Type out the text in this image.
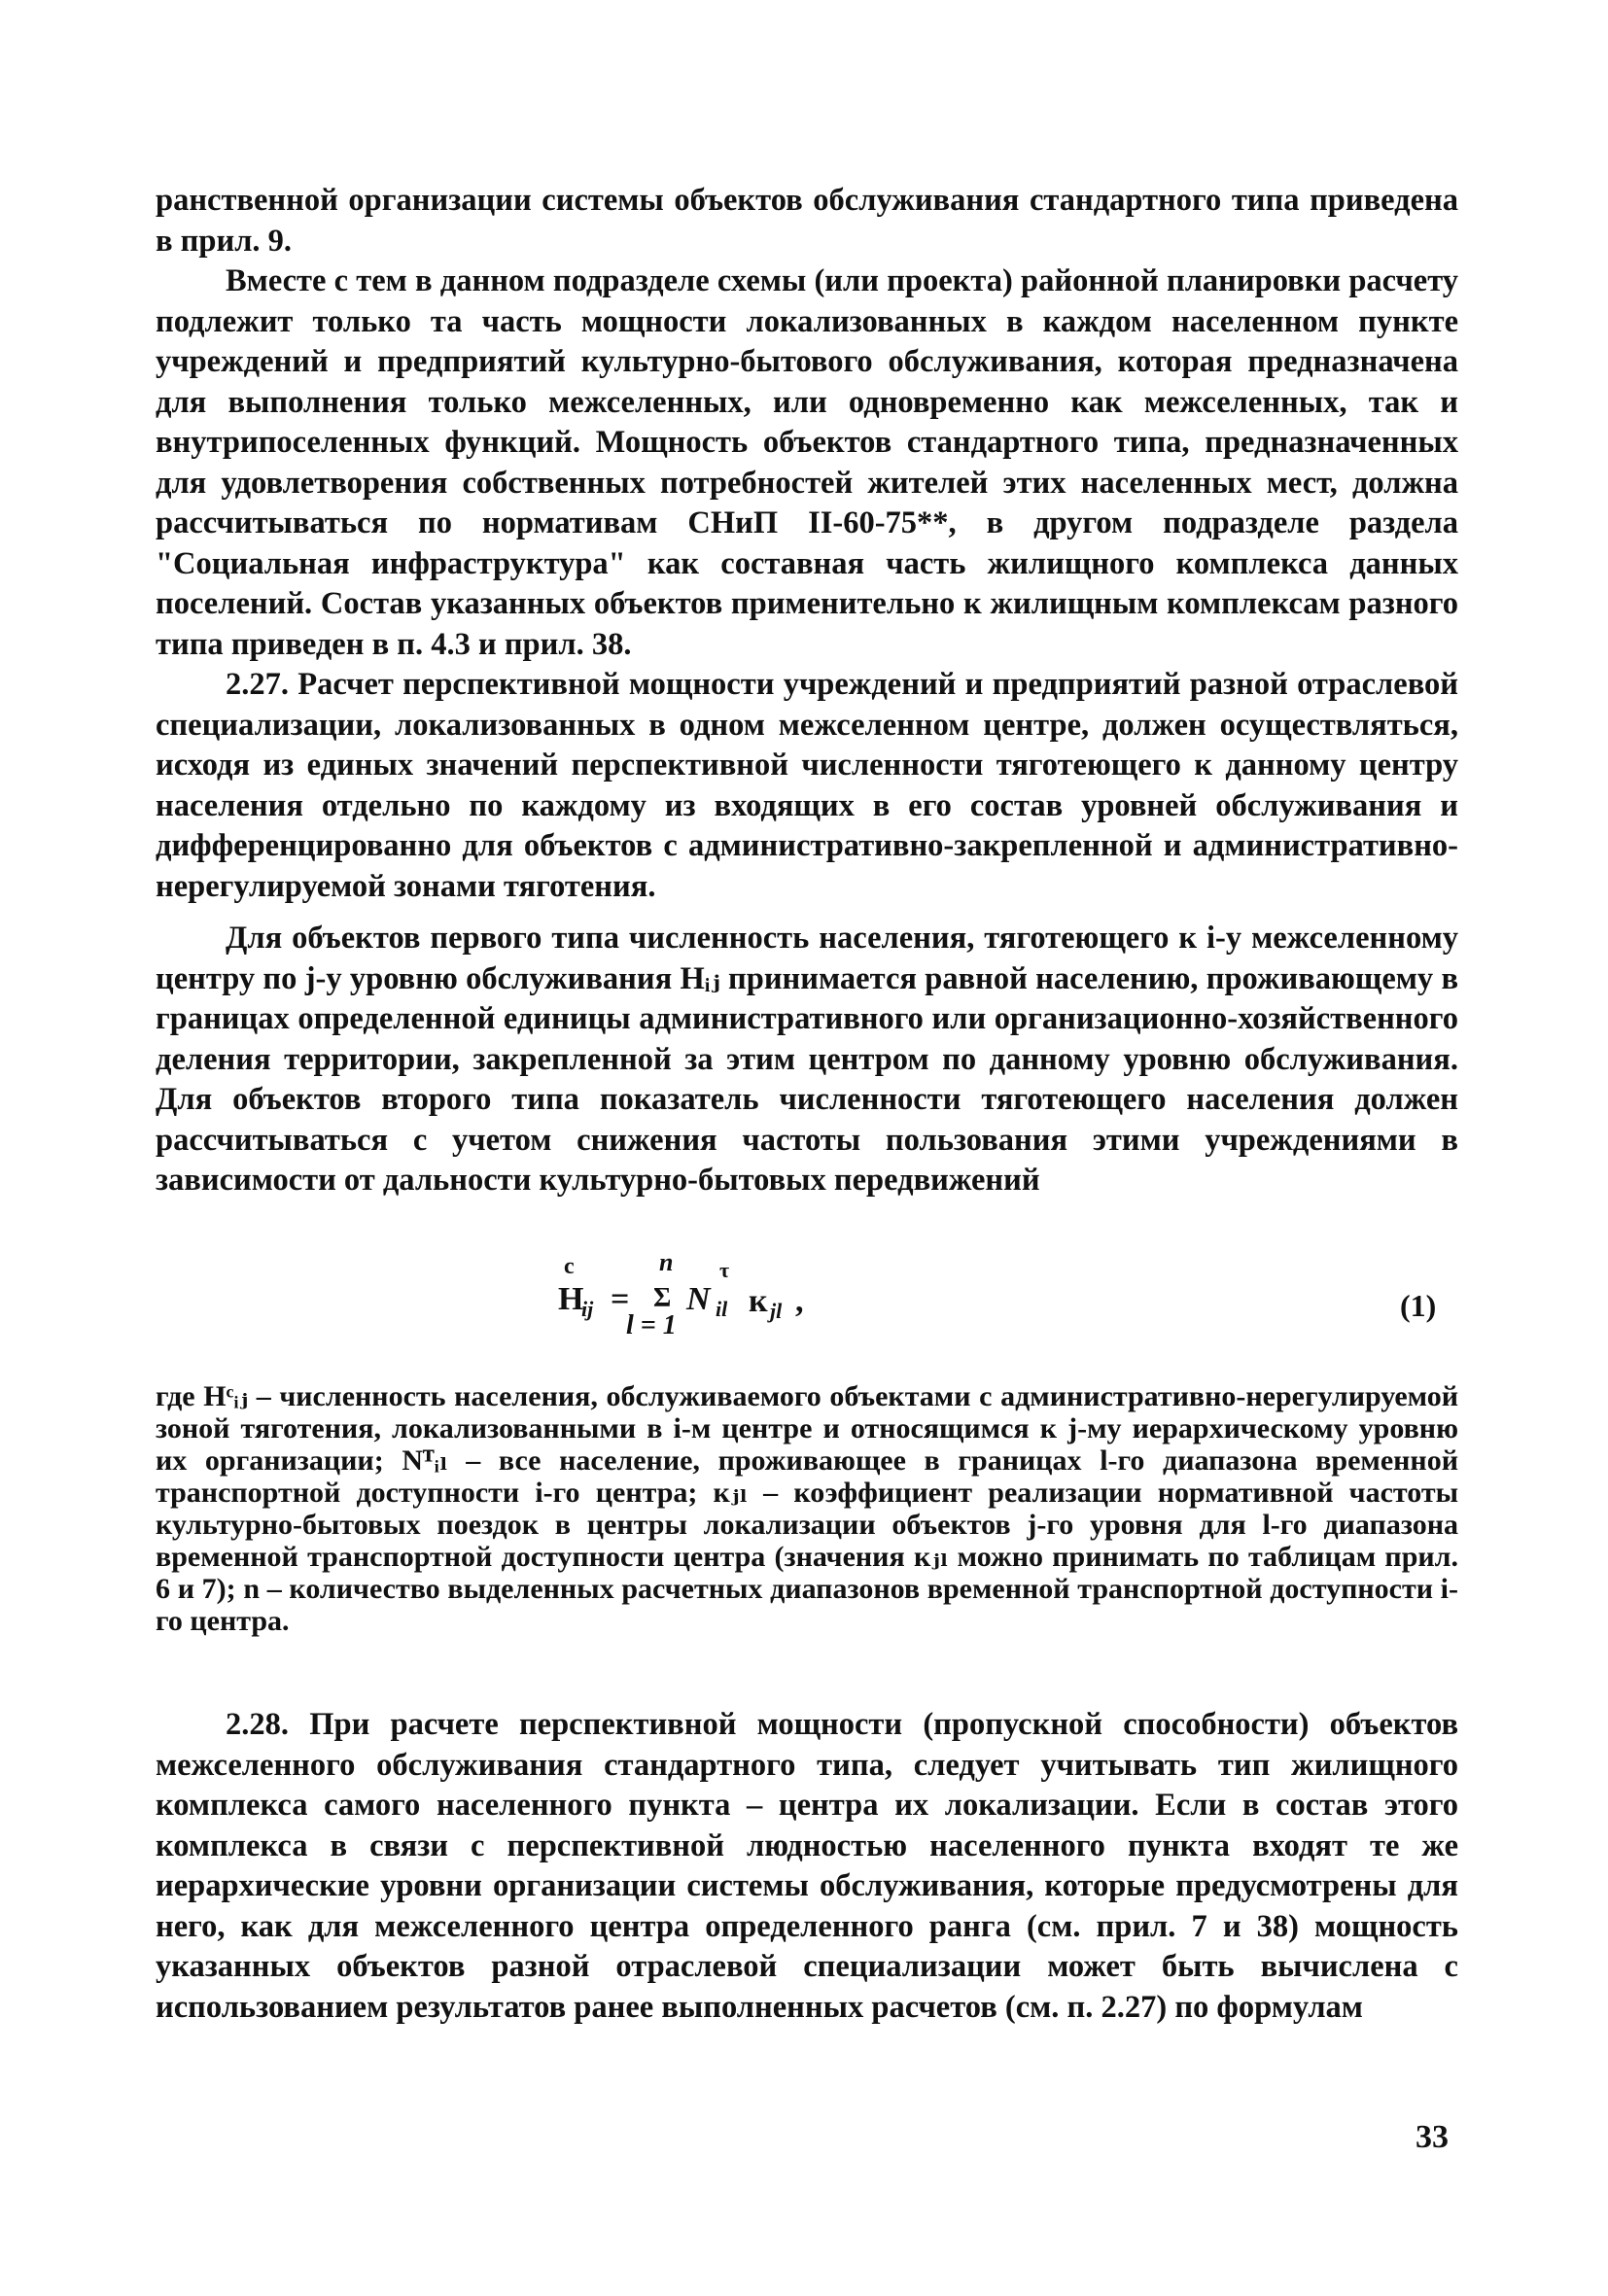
ранственной организации системы объектов обслуживания стандартного типа приведена в прил. 9.

Вместе с тем в данном подразделе схемы (или проекта) районной планировки расчету подлежит только та часть мощности локализованных в каждом населенном пункте учреждений и предприятий культурно-бытового обслуживания, которая предназначена для выполнения только межселенных, или одновременно как межселенных, так и внутрипоселенных функций. Мощность объектов стандартного типа, предназначенных для удовлетворения собственных потребностей жителей этих населенных мест, должна рассчитываться по нормативам СНиП II-60-75**, в другом подразделе раздела "Социальная инфраструктура" как составная часть жилищного комплекса данных поселений. Состав указанных объектов применительно к жилищным комплексам разного типа приведен в п. 4.3 и прил. 38.

2.27. Расчет перспективной мощности учреждений и предприятий разной отраслевой специализации, локализованных в одном межселенном центре, должен осуществляться, исходя из единых значений перспективной численности тяготеющего к данному центру населения отдельно по каждому из входящих в его состав уровней обслуживания и дифференцированно для объектов с административно-закрепленной и административно-нерегулируемой зонами тяготения.

Для объектов первого типа численность населения, тяготеющего к i-у межселенному центру по j-у уровню обслуживания Hᵢⱼ принимается равной населению, проживающему в границах определенной единицы административного или организационно-хозяйственного деления территории, закрепленной за этим центром по данному уровню обслуживания. Для объектов второго типа показатель численности тяготеющего населения должен рассчитываться с учетом снижения частоты пользования этими учреждениями в зависимости от дальности культурно-бытовых передвижений

с
H
ij =
n
Σ
l = 1
N il
τ
к jl ,	(1)

где Hᶜᵢⱼ – численность населения, обслуживаемого объектами с административно-нерегулируемой зоной тяготения, локализованными в i-м центре и относящимся к j-му иерархическому уровню их организации; Nᵀᵢₗ – все население, проживающее в границах l-го диапазона временной транспортной доступности i-го центра; кⱼₗ – коэффициент реализации нормативной частоты культурно-бытовых поездок в центры локализации объектов j-го уровня для l-го диапазона временной транспортной доступности центра (значения кⱼₗ можно принимать по таблицам прил. 6 и 7); n – количество выделенных расчетных диапазонов временной транспортной доступности i-го центра.

2.28. При расчете перспективной мощности (пропускной способности) объектов межселенного обслуживания стандартного типа, следует учитывать тип жилищного комплекса самого населенного пункта – центра их локализации. Если в состав этого комплекса в связи с перспективной людностью населенного пункта входят те же иерархические уровни организации системы обслуживания, которые предусмотрены для него, как для межселенного центра определенного ранга (см. прил. 7 и 38) мощность указанных объектов разной отраслевой специализации может быть вычислена с использованием результатов ранее выполненных расчетов (см. п. 2.27) по формулам

33
